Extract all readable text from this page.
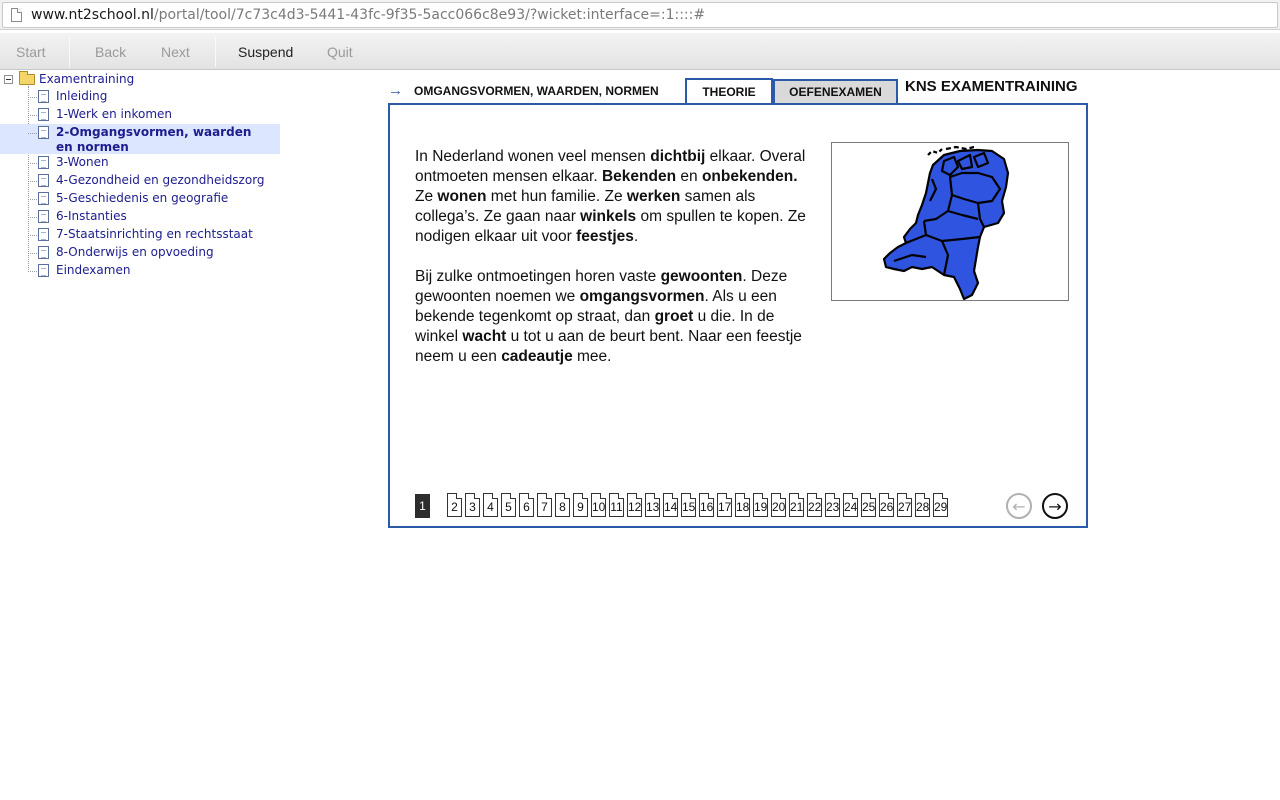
www.nt2school.nl/portal/tool/7c73c4d3-5441-43fc-9f35-5acc066c8e93/?wicket:interface=:1::::#
Start	Back Next	Suspend Quit
Examentraining
Inleiding
1-Werk en inkomen
2-Omgangsvormen, waarden en normen
3-Wonen
4-Gezondheid en gezondheidszorg
5-Geschiedenis en geografie
6-Instanties
7-Staatsinrichting en rechtsstaat
8-Onderwijs en opvoeding
Eindexamen
→ OMGANGSVORMEN, WAARDEN, NORMEN	THEORIE	OEFENEXAMEN	KNS EXAMENTRAINING
In Nederland wonen veel mensen dichtbij elkaar. Overal ontmoeten mensen elkaar. Bekenden en onbekenden. Ze wonen met hun familie. Ze werken samen als collega’s. Ze gaan naar winkels om spullen te kopen. Ze nodigen elkaar uit voor feestjes.
Bij zulke ontmoetingen horen vaste gewoonten. Deze gewoonten noemen we omgangsvormen. Als u een bekende tegenkomt op straat, dan groet u die. In de winkel wacht u tot u aan de beurt bent. Naar een feestje neem u een cadeautje mee.
1	2 3 4 5 6 7 8 9 10 11 12 13 14 15 16 17 18 19 20 21 22 23 24 25 26 27 28 29	← →
